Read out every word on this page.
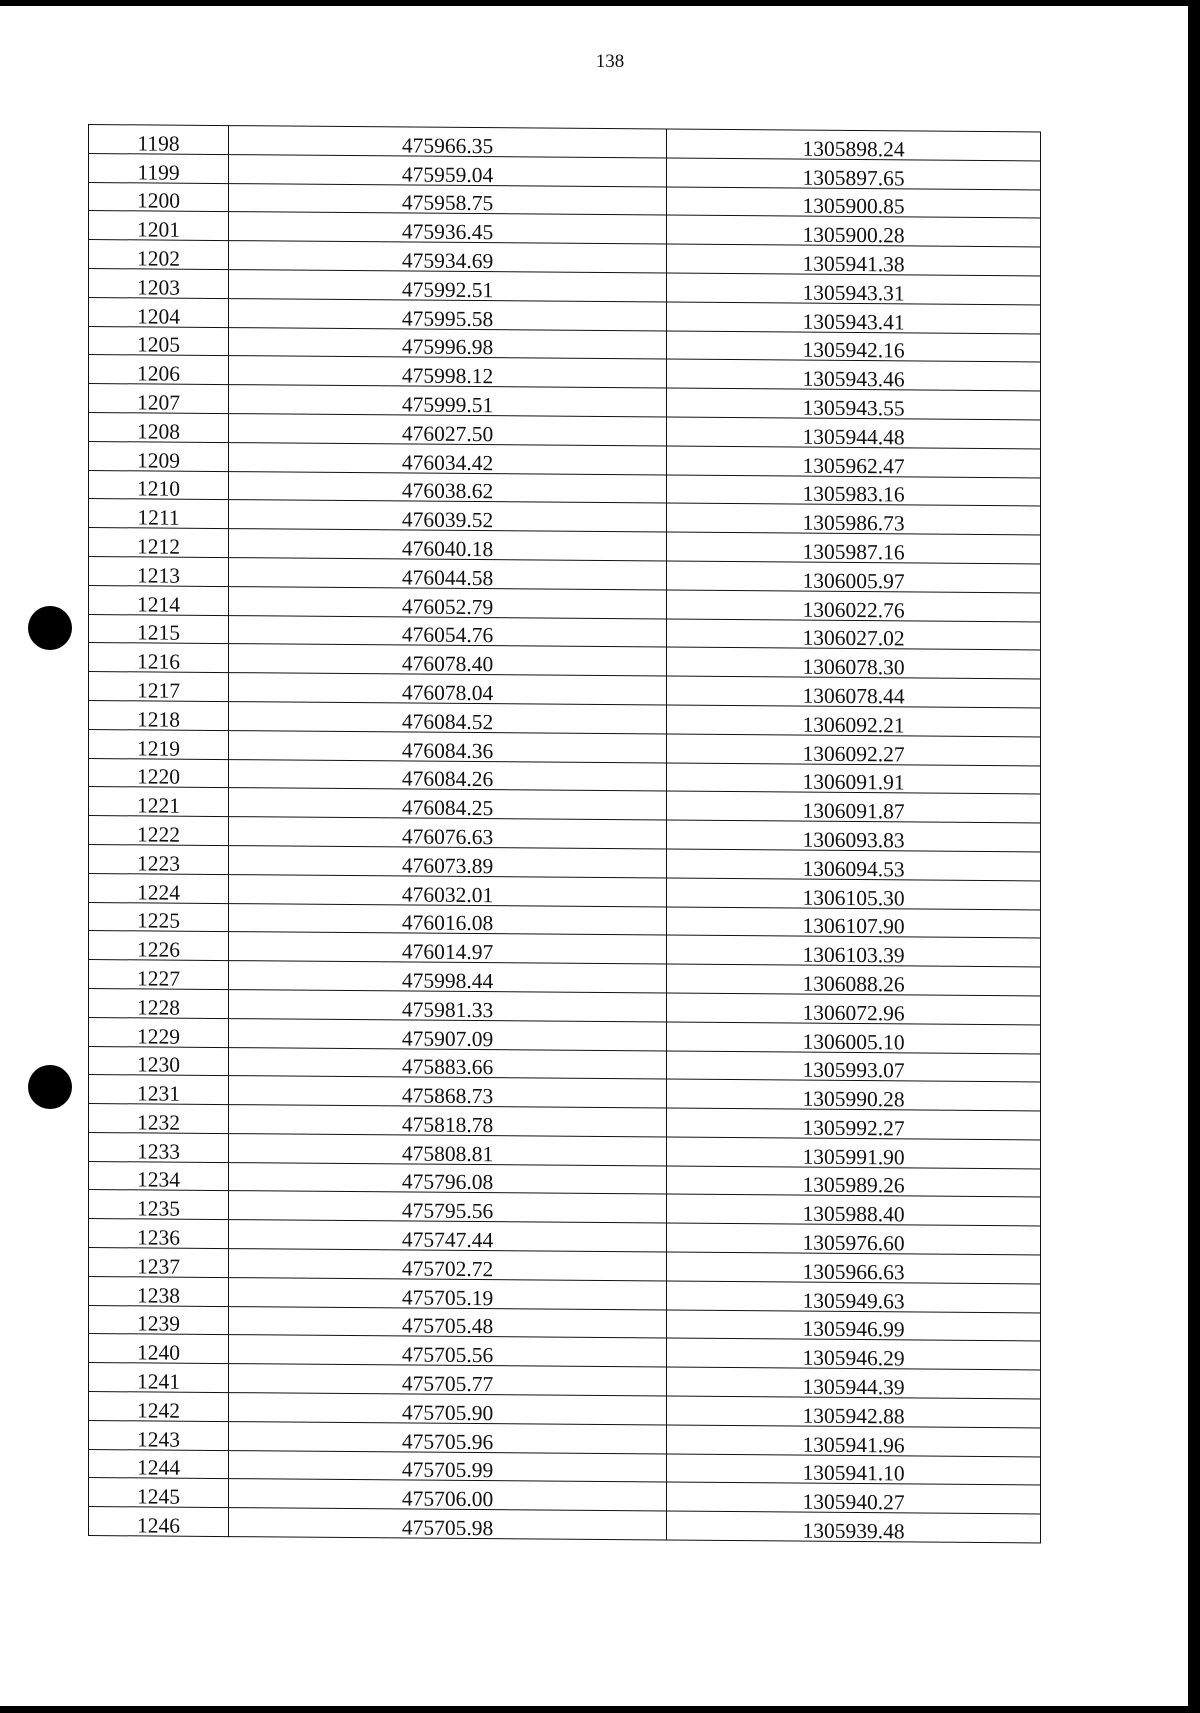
138
1198	475966.35	1305898.24
1199	475959.04	1305897.65
1200	475958.75	1305900.85
1201	475936.45	1305900.28
1202	475934.69	1305941.38
1203	475992.51	1305943.31
1204	475995.58	1305943.41
1205	475996.98	1305942.16
1206	475998.12	1305943.46
1207	475999.51	1305943.55
1208	476027.50	1305944.48
1209	476034.42	1305962.47
1210	476038.62	1305983.16
1211	476039.52	1305986.73
1212	476040.18	1305987.16
1213	476044.58	1306005.97
1214	476052.79	1306022.76
1215	476054.76	1306027.02
1216	476078.40	1306078.30
1217	476078.04	1306078.44
1218	476084.52	1306092.21
1219	476084.36	1306092.27
1220	476084.26	1306091.91
1221	476084.25	1306091.87
1222	476076.63	1306093.83
1223	476073.89	1306094.53
1224	476032.01	1306105.30
1225	476016.08	1306107.90
1226	476014.97	1306103.39
1227	475998.44	1306088.26
1228	475981.33	1306072.96
1229	475907.09	1306005.10
1230	475883.66	1305993.07
1231	475868.73	1305990.28
1232	475818.78	1305992.27
1233	475808.81	1305991.90
1234	475796.08	1305989.26
1235	475795.56	1305988.40
1236	475747.44	1305976.60
1237	475702.72	1305966.63
1238	475705.19	1305949.63
1239	475705.48	1305946.99
1240	475705.56	1305946.29
1241	475705.77	1305944.39
1242	475705.90	1305942.88
1243	475705.96	1305941.96
1244	475705.99	1305941.10
1245	475706.00	1305940.27
1246	475705.98	1305939.48
